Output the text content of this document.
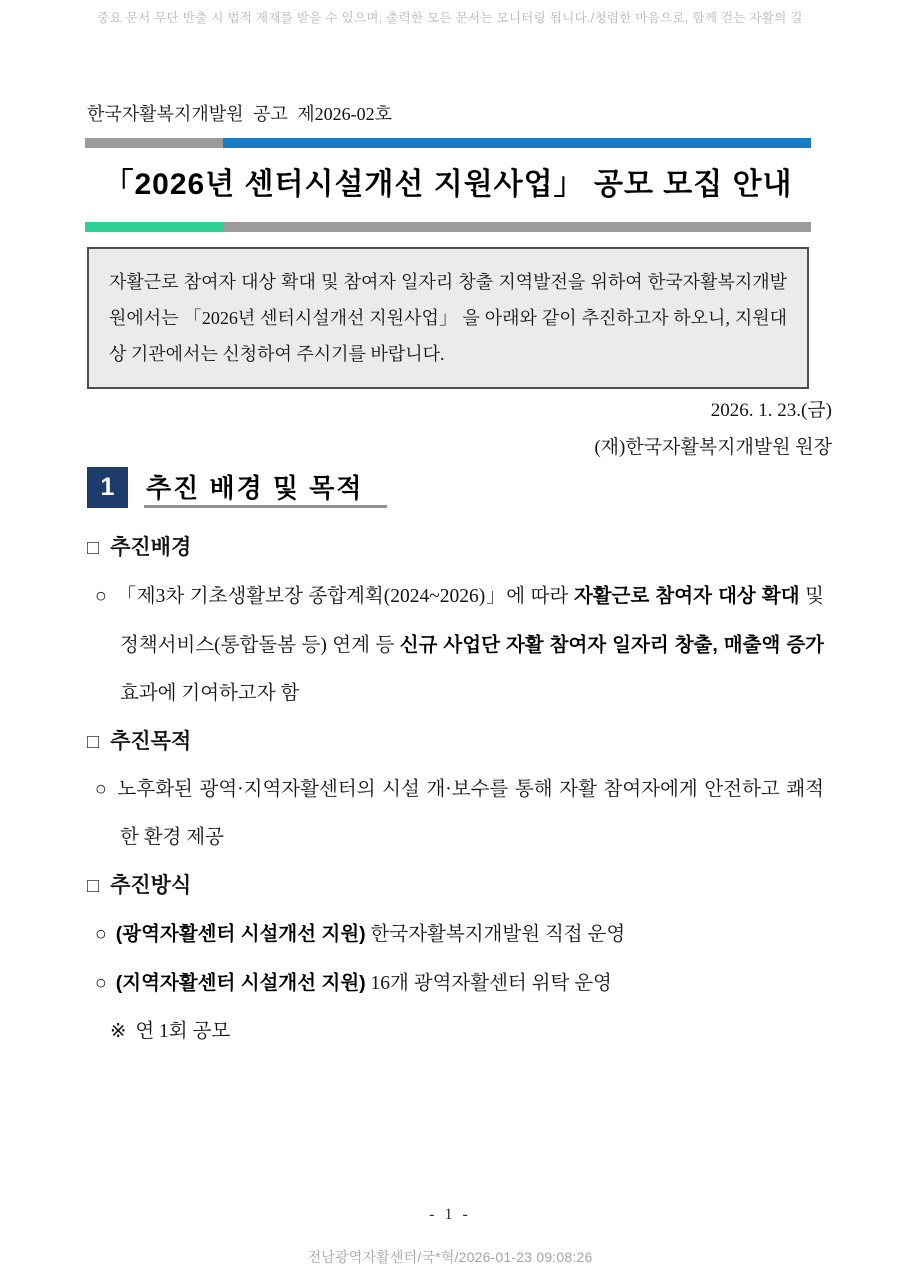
중요 문서 무단 반출 시 법적 제재를 받을 수 있으며, 출력한 모든 문서는 모니터링 됩니다./청렴한 마음으로, 함께 걷는 자활의 길
한국자활복지개발원 공고 제2026-02호
「2026년 센터시설개선 지원사업」 공모 모집 안내
자활근로 참여자 대상 확대 및 참여자 일자리 창출 지역발전을 위하여 한국자활복지개발원에서는 「2026년 센터시설개선 지원사업」 을 아래와 같이 추진하고자 하오니, 지원대상 기관에서는 신청하여 주시기를 바랍니다.
2026. 1. 23.(금)
(재)한국자활복지개발원 원장
1	추진 배경 및 목적
□ 추진배경
○ 「제3차 기초생활보장 종합계획(2024~2026)」에 따라 자활근로 참여자 대상 확대 및 정책서비스(통합돌봄 등) 연계 등 신규 사업단 자활 참여자 일자리 창출, 매출액 증가 효과에 기여하고자 함
□ 추진목적
○ 노후화된 광역·지역자활센터의 시설 개·보수를 통해 자활 참여자에게 안전하고 쾌적한 환경 제공
□ 추진방식
○ (광역자활센터 시설개선 지원) 한국자활복지개발원 직접 운영
○ (지역자활센터 시설개선 지원) 16개 광역자활센터 위탁 운영
※ 연 1회 공모
- 1 -
전남광역자활센터/국*혁/2026-01-23 09:08:26
